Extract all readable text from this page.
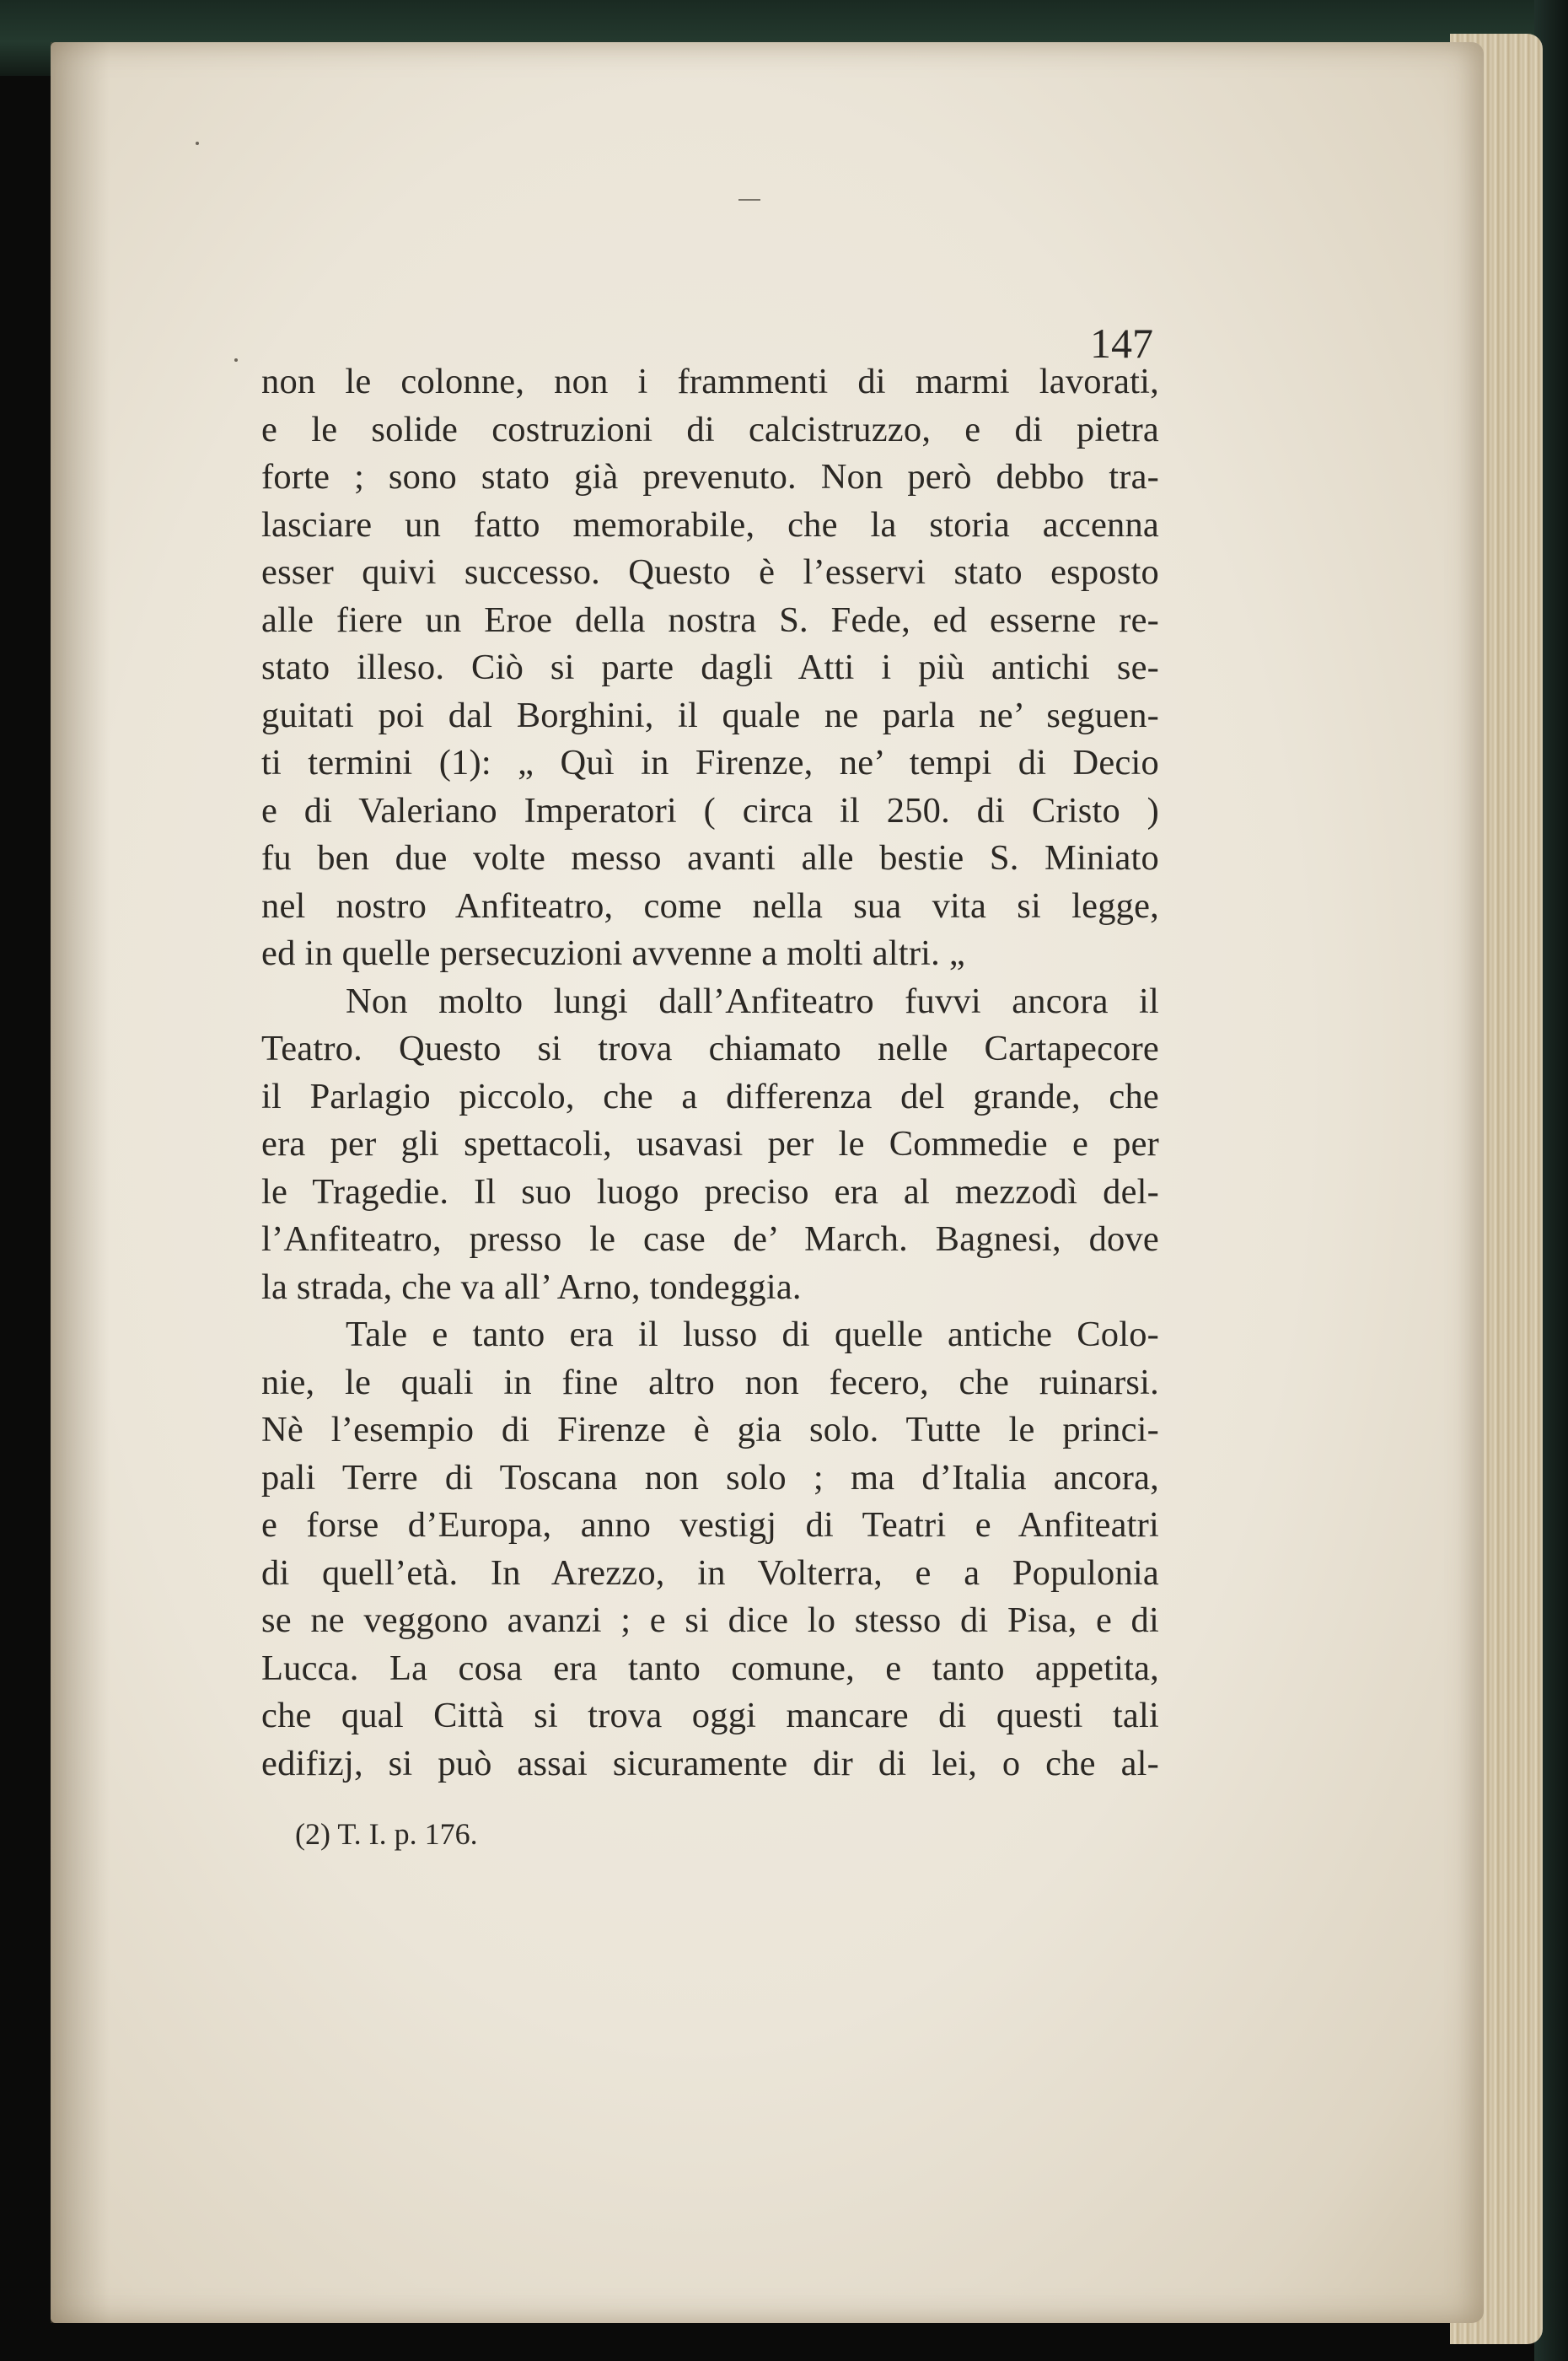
147
non le colonne, non i frammenti di marmi lavorati,
e le solide costruzioni di calcistruzzo, e di pietra
forte ; sono stato già prevenuto. Non però debbo tra-
lasciare un fatto memorabile, che la storia accenna
esser quivi successo. Questo è l’esservi stato esposto
alle fiere un Eroe della nostra S. Fede, ed esserne re-
stato illeso. Ciò si parte dagli Atti i più antichi se-
guitati poi dal Borghini, il quale ne parla ne’ seguen-
ti termini (1): „ Quì in Firenze, ne’ tempi di Decio
e di Valeriano Imperatori ( circa il 250. di Cristo )
fu ben due volte messo avanti alle bestie S. Miniato
nel nostro Anfiteatro, come nella sua vita si legge,
ed in quelle persecuzioni avvenne a molti altri. „
Non molto lungi dall’Anfiteatro fuvvi ancora il
Teatro. Questo si trova chiamato nelle Cartapecore
il Parlagio piccolo, che a differenza del grande, che
era per gli spettacoli, usavasi per le Commedie e per
le Tragedie. Il suo luogo preciso era al mezzodì del-
l’Anfiteatro, presso le case de’ March. Bagnesi, dove
la strada, che va all’ Arno, tondeggia.
Tale e tanto era il lusso di quelle antiche Colo-
nie, le quali in fine altro non fecero, che ruinarsi.
Nè l’esempio di Firenze è gia solo. Tutte le princi-
pali Terre di Toscana non solo ; ma d’Italia ancora,
e forse d’Europa, anno vestigj di Teatri e Anfiteatri
di quell’età. In Arezzo, in Volterra, e a Populonia
se ne veggono avanzi ; e si dice lo stesso di Pisa, e di
Lucca. La cosa era tanto comune, e tanto appetita,
che qual Città si trova oggi mancare di questi tali
edifizj, si può assai sicuramente dir di lei, o che al-
(2) T. I. p. 176.
